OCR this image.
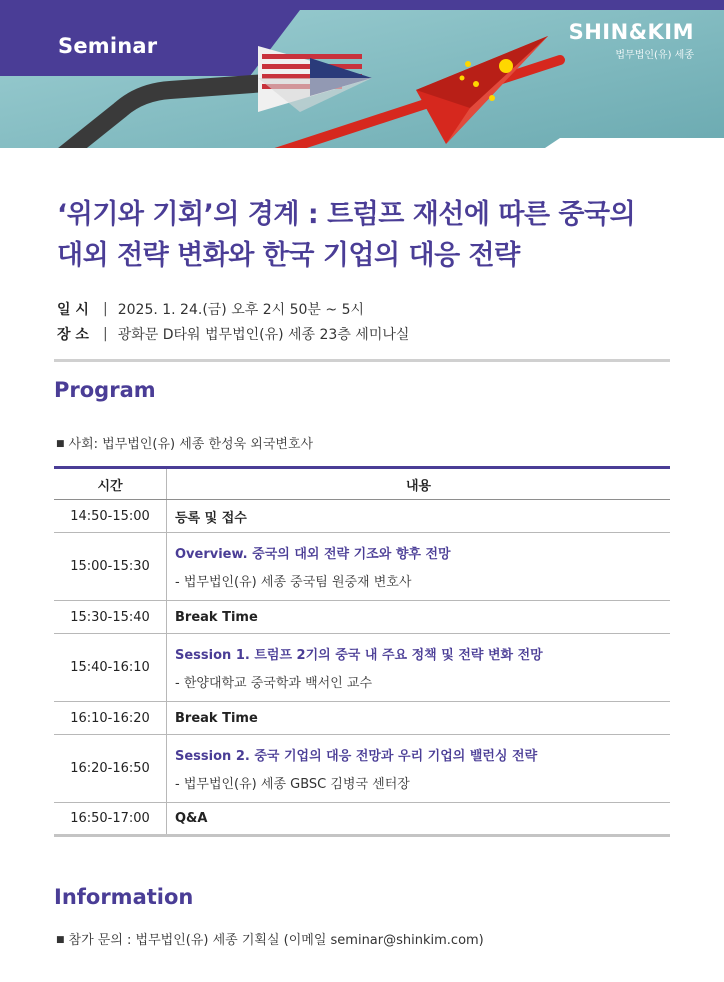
Seminar
SHIN&KIM
법무법인(유) 세종
‘위기와 기회’의 경계 : 트럼프 재선에 따른 중국의
대외 전략 변화와 한국 기업의 대응 전략
일 시	| 2025. 1. 24.(금) 오후 2시 50분 ~ 5시
장 소	| 광화문 D타워 법무법인(유) 세종 23층 세미나실
Program
■ 사회: 법무법인(유) 세종 한성욱 외국변호사
시간	내용
14:50-15:00	등록 및 접수

15:00-15:30	Overview. 중국의 대외 전략 기조와 향후 전망
- 법무법인(유) 세종 중국팀 원중재 변호사

15:30-15:40	Break Time

15:40-16:10	Session 1. 트럼프 2기의 중국 내 주요 정책 및 전략 변화 전망
- 한양대학교 중국학과 백서인 교수

16:10-16:20	Break Time

16:20-16:50	Session 2. 중국 기업의 대응 전망과 우리 기업의 밸런싱 전략
- 법무법인(유) 세종 GBSC 김병국 센터장

16:50-17:00	Q&A
Information
■ 참가 문의 : 법무법인(유) 세종 기획실 (이메일 seminar@shinkim.com)
